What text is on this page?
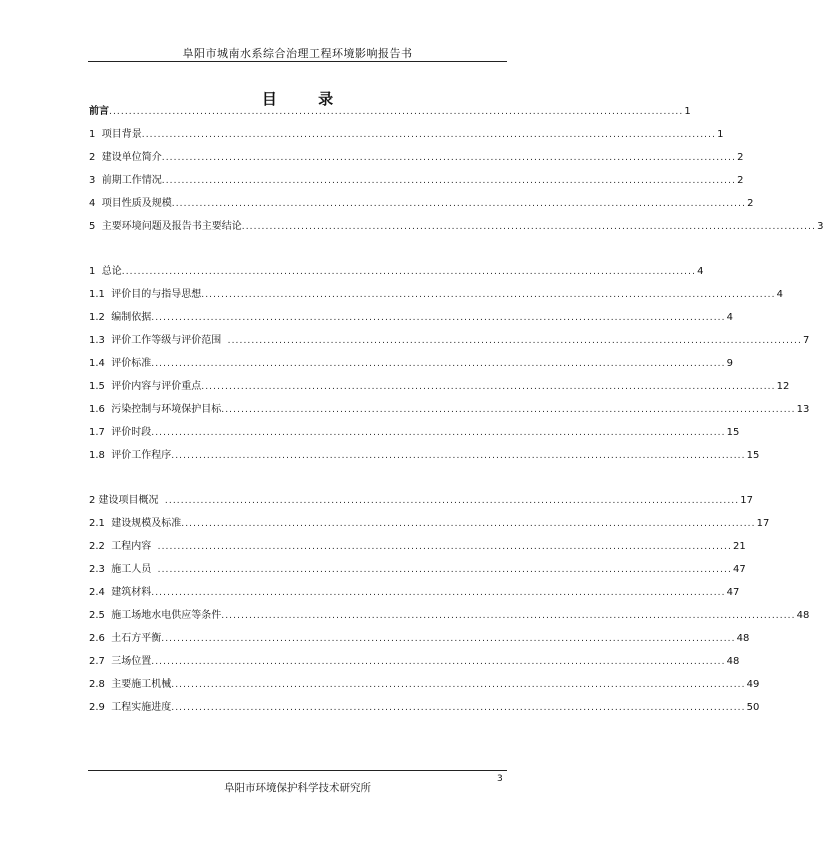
阜阳市城南水系综合治理工程环境影响报告书
目 录
前言 ................................................................................................................................................. 1
1  项目背景 ................................................................................................................................................. 1
2  建设单位简介 ................................................................................................................................................. 2
3  前期工作情况 ................................................................................................................................................. 2
4  项目性质及规模 ................................................................................................................................................. 2
5  主要环境问题及报告书主要结论 ................................................................................................................................................. 3
1  总论 ................................................................................................................................................. 4
1.1  评价目的与指导思想 ................................................................................................................................................. 4
1.2  编制依据 ................................................................................................................................................. 4
1.3  评价工作等级与评价范围 ................................................................................................................................................. 7
1.4  评价标准 ................................................................................................................................................. 9
1.5  评价内容与评价重点 ................................................................................................................................................. 12
1.6  污染控制与环境保护目标 ................................................................................................................................................. 13
1.7  评价时段 ................................................................................................................................................. 15
1.8  评价工作程序 ................................................................................................................................................. 15
2 建设项目概况 ................................................................................................................................................. 17
2.1  建设规模及标准 ................................................................................................................................................. 17
2.2  工程内容 ................................................................................................................................................. 21
2.3  施工人员 ................................................................................................................................................. 47
2.4  建筑材料 ................................................................................................................................................. 47
2.5  施工场地水电供应等条件 ................................................................................................................................................. 48
2.6  土石方平衡 ................................................................................................................................................. 48
2.7  三场位置 ................................................................................................................................................. 48
2.8  主要施工机械 ................................................................................................................................................. 49
2.9  工程实施进度 ................................................................................................................................................. 50
3
阜阳市环境保护科学技术研究所
